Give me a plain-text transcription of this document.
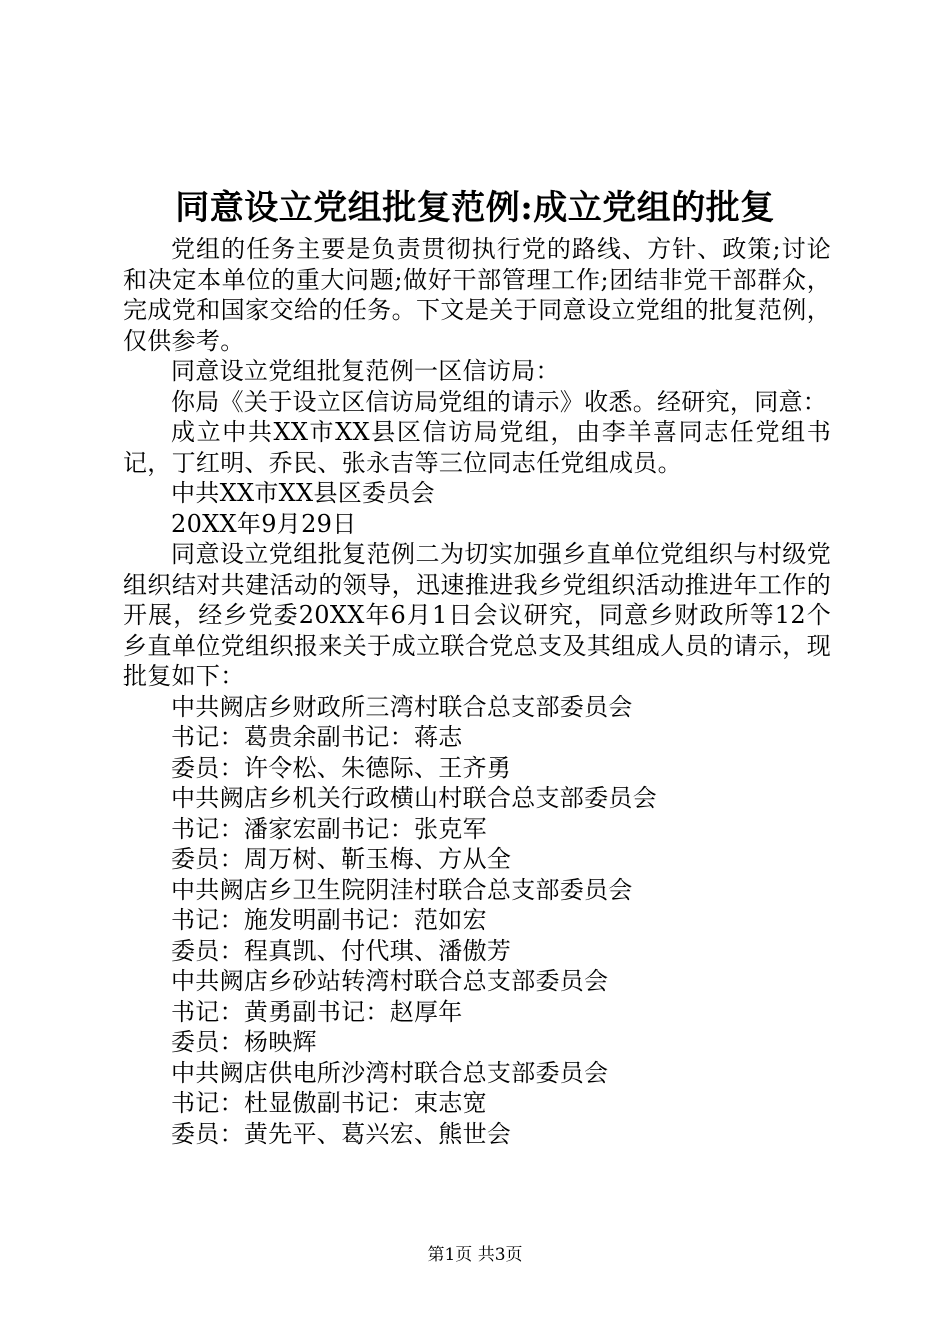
同意设立党组批复范例:成立党组的批复

党组的任务主要是负责贯彻执行党的路线、方针、政策;讨论和决定本单位的重大问题;做好干部管理工作;团结非党干部群众，完成党和国家交给的任务。下文是关于同意设立党组的批复范例，仅供参考。

同意设立党组批复范例一区信访局：

你局《关于设立区信访局党组的请示》收悉。经研究，同意：

成立中共XX市XX县区信访局党组，由李羊喜同志任党组书记，丁红明、乔民、张永吉等三位同志任党组成员。

中共XX市XX县区委员会

20XX年9月29日

同意设立党组批复范例二为切实加强乡直单位党组织与村级党组织结对共建活动的领导，迅速推进我乡党组织活动推进年工作的开展，经乡党委20XX年6月1日会议研究，同意乡财政所等12个乡直单位党组织报来关于成立联合党总支及其组成人员的请示，现批复如下：

中共阙店乡财政所三湾村联合总支部委员会

书记：葛贵余副书记：蒋志

委员：许令松、朱德际、王齐勇

中共阙店乡机关行政横山村联合总支部委员会

书记：潘家宏副书记：张克军

委员：周万树、靳玉梅、方从全

中共阙店乡卫生院阴洼村联合总支部委员会

书记：施发明副书记：范如宏

委员：程真凯、付代琪、潘傲芳

中共阙店乡砂站转湾村联合总支部委员会

书记：黄勇副书记：赵厚年

委员：杨映辉

中共阙店供电所沙湾村联合总支部委员会

书记：杜显傲副书记：束志宽

委员：黄先平、葛兴宏、熊世会

第1页 共3页
